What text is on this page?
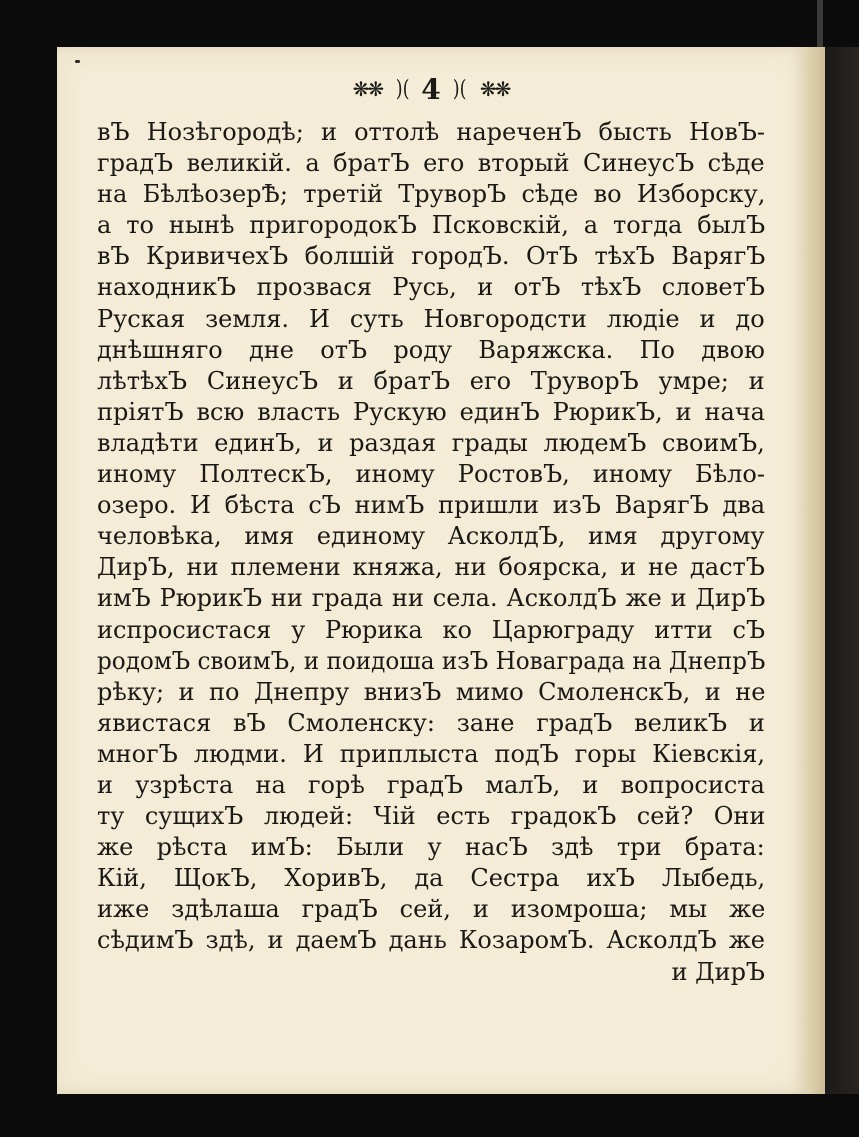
❋❋ )( 4 )( ❋❋
вЪ Нозѣгородѣ; и оттолѣ нареченЪ бысть НовЪ-
градЪ великiй. а братЪ его вторый СинеусЪ сѣде
на БѣлѣозерѢ; третiй ТруворЪ сѣде во Изборску,
а то нынѣ пригородокЪ Псковскiй, а тогда былЪ
вЪ КривичехЪ болшiй городЪ. ОтЪ тѣхЪ ВарягЪ
находникЪ прозвася Русь, и отЪ тѣхЪ словетЪ
Руская земля. И суть Новгородсти людiе и до
днѣшняго дне отЪ роду Варяжска. По двою
лѣтѣхЪ СинеусЪ и братЪ его ТруворЪ умре; и
прiятЪ всю власть Рускую единЪ РюрикЪ, и нача
владѣти единЪ, и раздая грады людемЪ своимЪ,
иному ПолтескЪ, иному РостовЪ, иному Бѣло-
озеро. И бѣста сЪ нимЪ пришли изЪ ВарягЪ два
человѣка, имя единому АсколдЪ, имя другому
ДирЪ, ни племени княжа, ни боярска, и не дастЪ
имЪ РюрикЪ ни града ни села. АсколдЪ же и ДирЪ
испросистася у Рюрика ко Царюграду итти сЪ
родомЪ своимЪ, и поидоша изЪ Новаграда на ДнепрЪ
рѣку; и по Днепру внизЪ мимо СмоленскЪ, и не
явистася вЪ Смоленску: зане градЪ великЪ и
многЪ людми. И приплыста подЪ горы Кiевскiя,
и узрѣста на горѣ градЪ малЪ, и вопросиста
ту сущихЪ людей: Чiй есть градокЪ сей? Они
же рѣста имЪ: Были у насЪ здѣ три брата:
Кiй, ЩокЪ, ХоривЪ, да Сестра ихЪ Лыбедь,
иже здѣлаша градЪ сей, и изомроша; мы же
сѣдимЪ здѣ, и даемЪ дань КозаромЪ. АсколдЪ же
и ДирЪ
